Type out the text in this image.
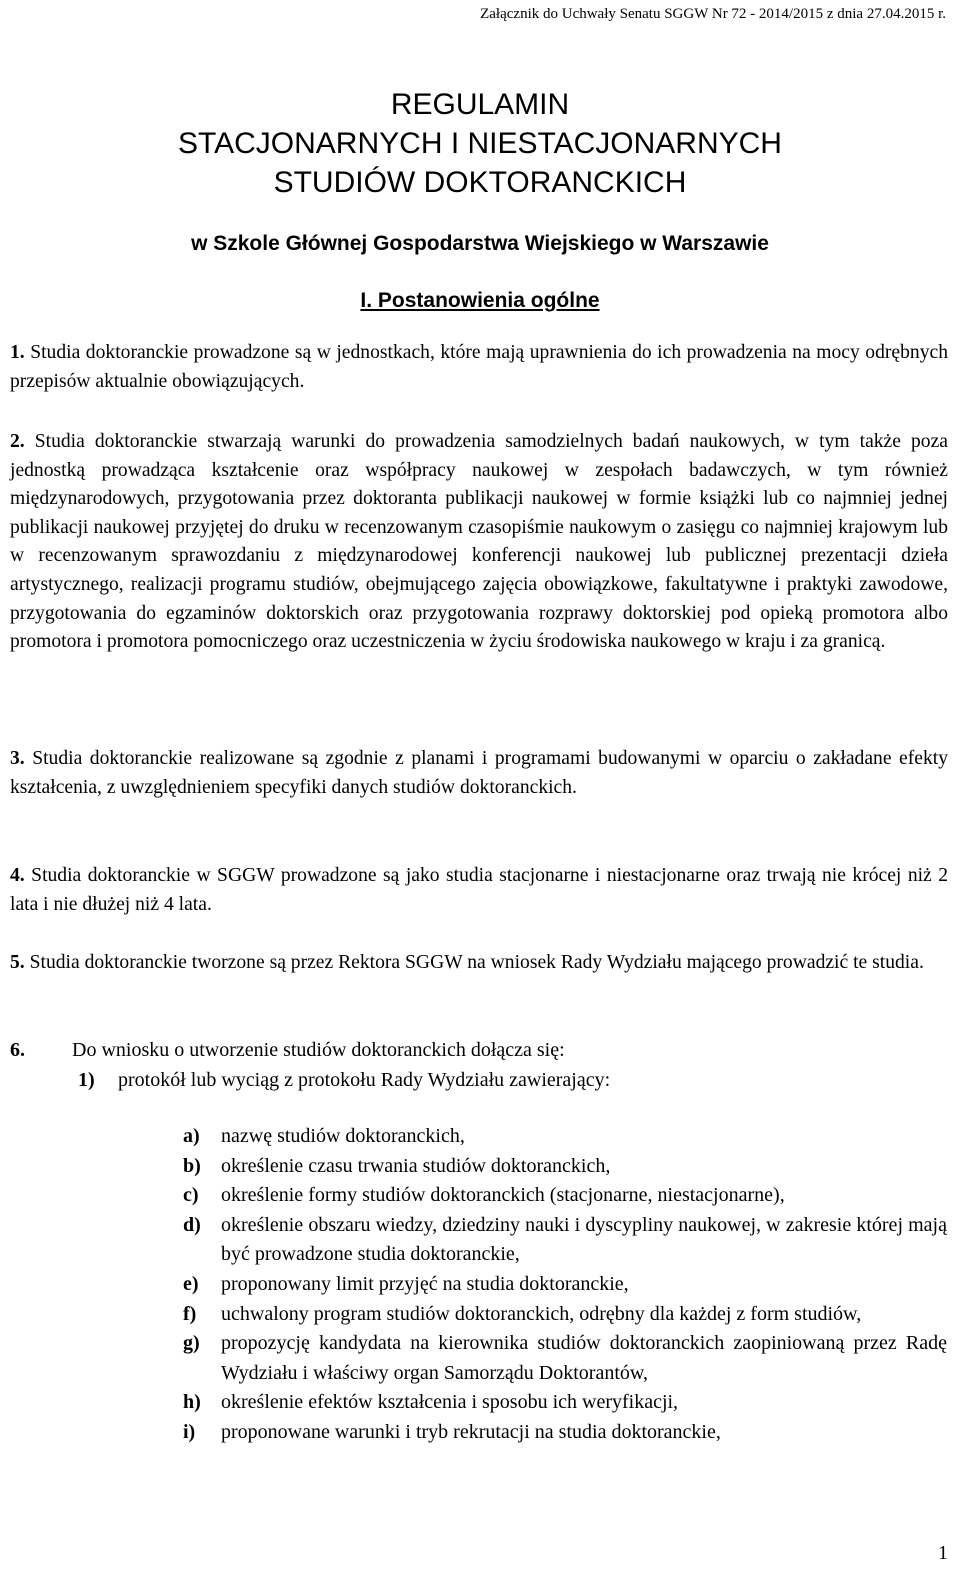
Załącznik do Uchwały Senatu SGGW Nr 72 - 2014/2015 z dnia 27.04.2015 r.
REGULAMIN
STACJONARNYCH I NIESTACJONARNYCH
STUDIÓW DOKTORANCKICH
w Szkole Głównej Gospodarstwa Wiejskiego w Warszawie
I. Postanowienia ogólne
1. Studia doktoranckie prowadzone są w jednostkach, które mają uprawnienia do ich prowadzenia na mocy odrębnych przepisów aktualnie obowiązujących.
2. Studia doktoranckie stwarzają warunki do prowadzenia samodzielnych badań naukowych, w tym także poza jednostką prowadząca kształcenie oraz współpracy naukowej w zespołach badawczych, w tym również międzynarodowych, przygotowania przez doktoranta publikacji naukowej w formie książki lub co najmniej jednej publikacji naukowej przyjętej do druku w recenzowanym czasopiśmie naukowym o zasięgu co najmniej krajowym lub w recenzowanym sprawozdaniu z międzynarodowej konferencji naukowej lub publicznej prezentacji dzieła artystycznego, realizacji programu studiów, obejmującego zajęcia obowiązkowe, fakultatywne i praktyki zawodowe, przygotowania do egzaminów doktorskich oraz przygotowania rozprawy doktorskiej pod opieką promotora albo promotora i promotora pomocniczego oraz uczestniczenia w życiu środowiska naukowego w kraju i za granicą.
3. Studia doktoranckie realizowane są zgodnie z planami i programami budowanymi w oparciu o zakładane efekty kształcenia, z uwzględnieniem specyfiki danych studiów doktoranckich.
4. Studia doktoranckie w SGGW prowadzone są jako studia stacjonarne i niestacjonarne oraz trwają nie krócej niż 2 lata i nie dłużej niż 4 lata.
5. Studia doktoranckie tworzone są przez Rektora SGGW na wniosek Rady Wydziału mającego prowadzić te studia.
6. Do wniosku o utworzenie studiów doktoranckich dołącza się:
1) protokół lub wyciąg z protokołu Rady Wydziału zawierający:
a)	nazwę studiów doktoranckich,
b)	określenie czasu trwania studiów doktoranckich,
c)	określenie formy studiów doktoranckich (stacjonarne, niestacjonarne),
d)	określenie obszaru wiedzy, dziedziny nauki i dyscypliny naukowej, w zakresie której mają być prowadzone studia doktoranckie,
e)	proponowany limit przyjęć na studia doktoranckie,
f)	uchwalony program studiów doktoranckich, odrębny dla każdej z form studiów,
g)	propozycję kandydata na kierownika studiów doktoranckich zaopiniowaną przez Radę Wydziału i właściwy organ Samorządu Doktorantów,
h)	określenie efektów kształcenia i sposobu ich weryfikacji,
i)	proponowane warunki i tryb rekrutacji na studia doktoranckie,
1
